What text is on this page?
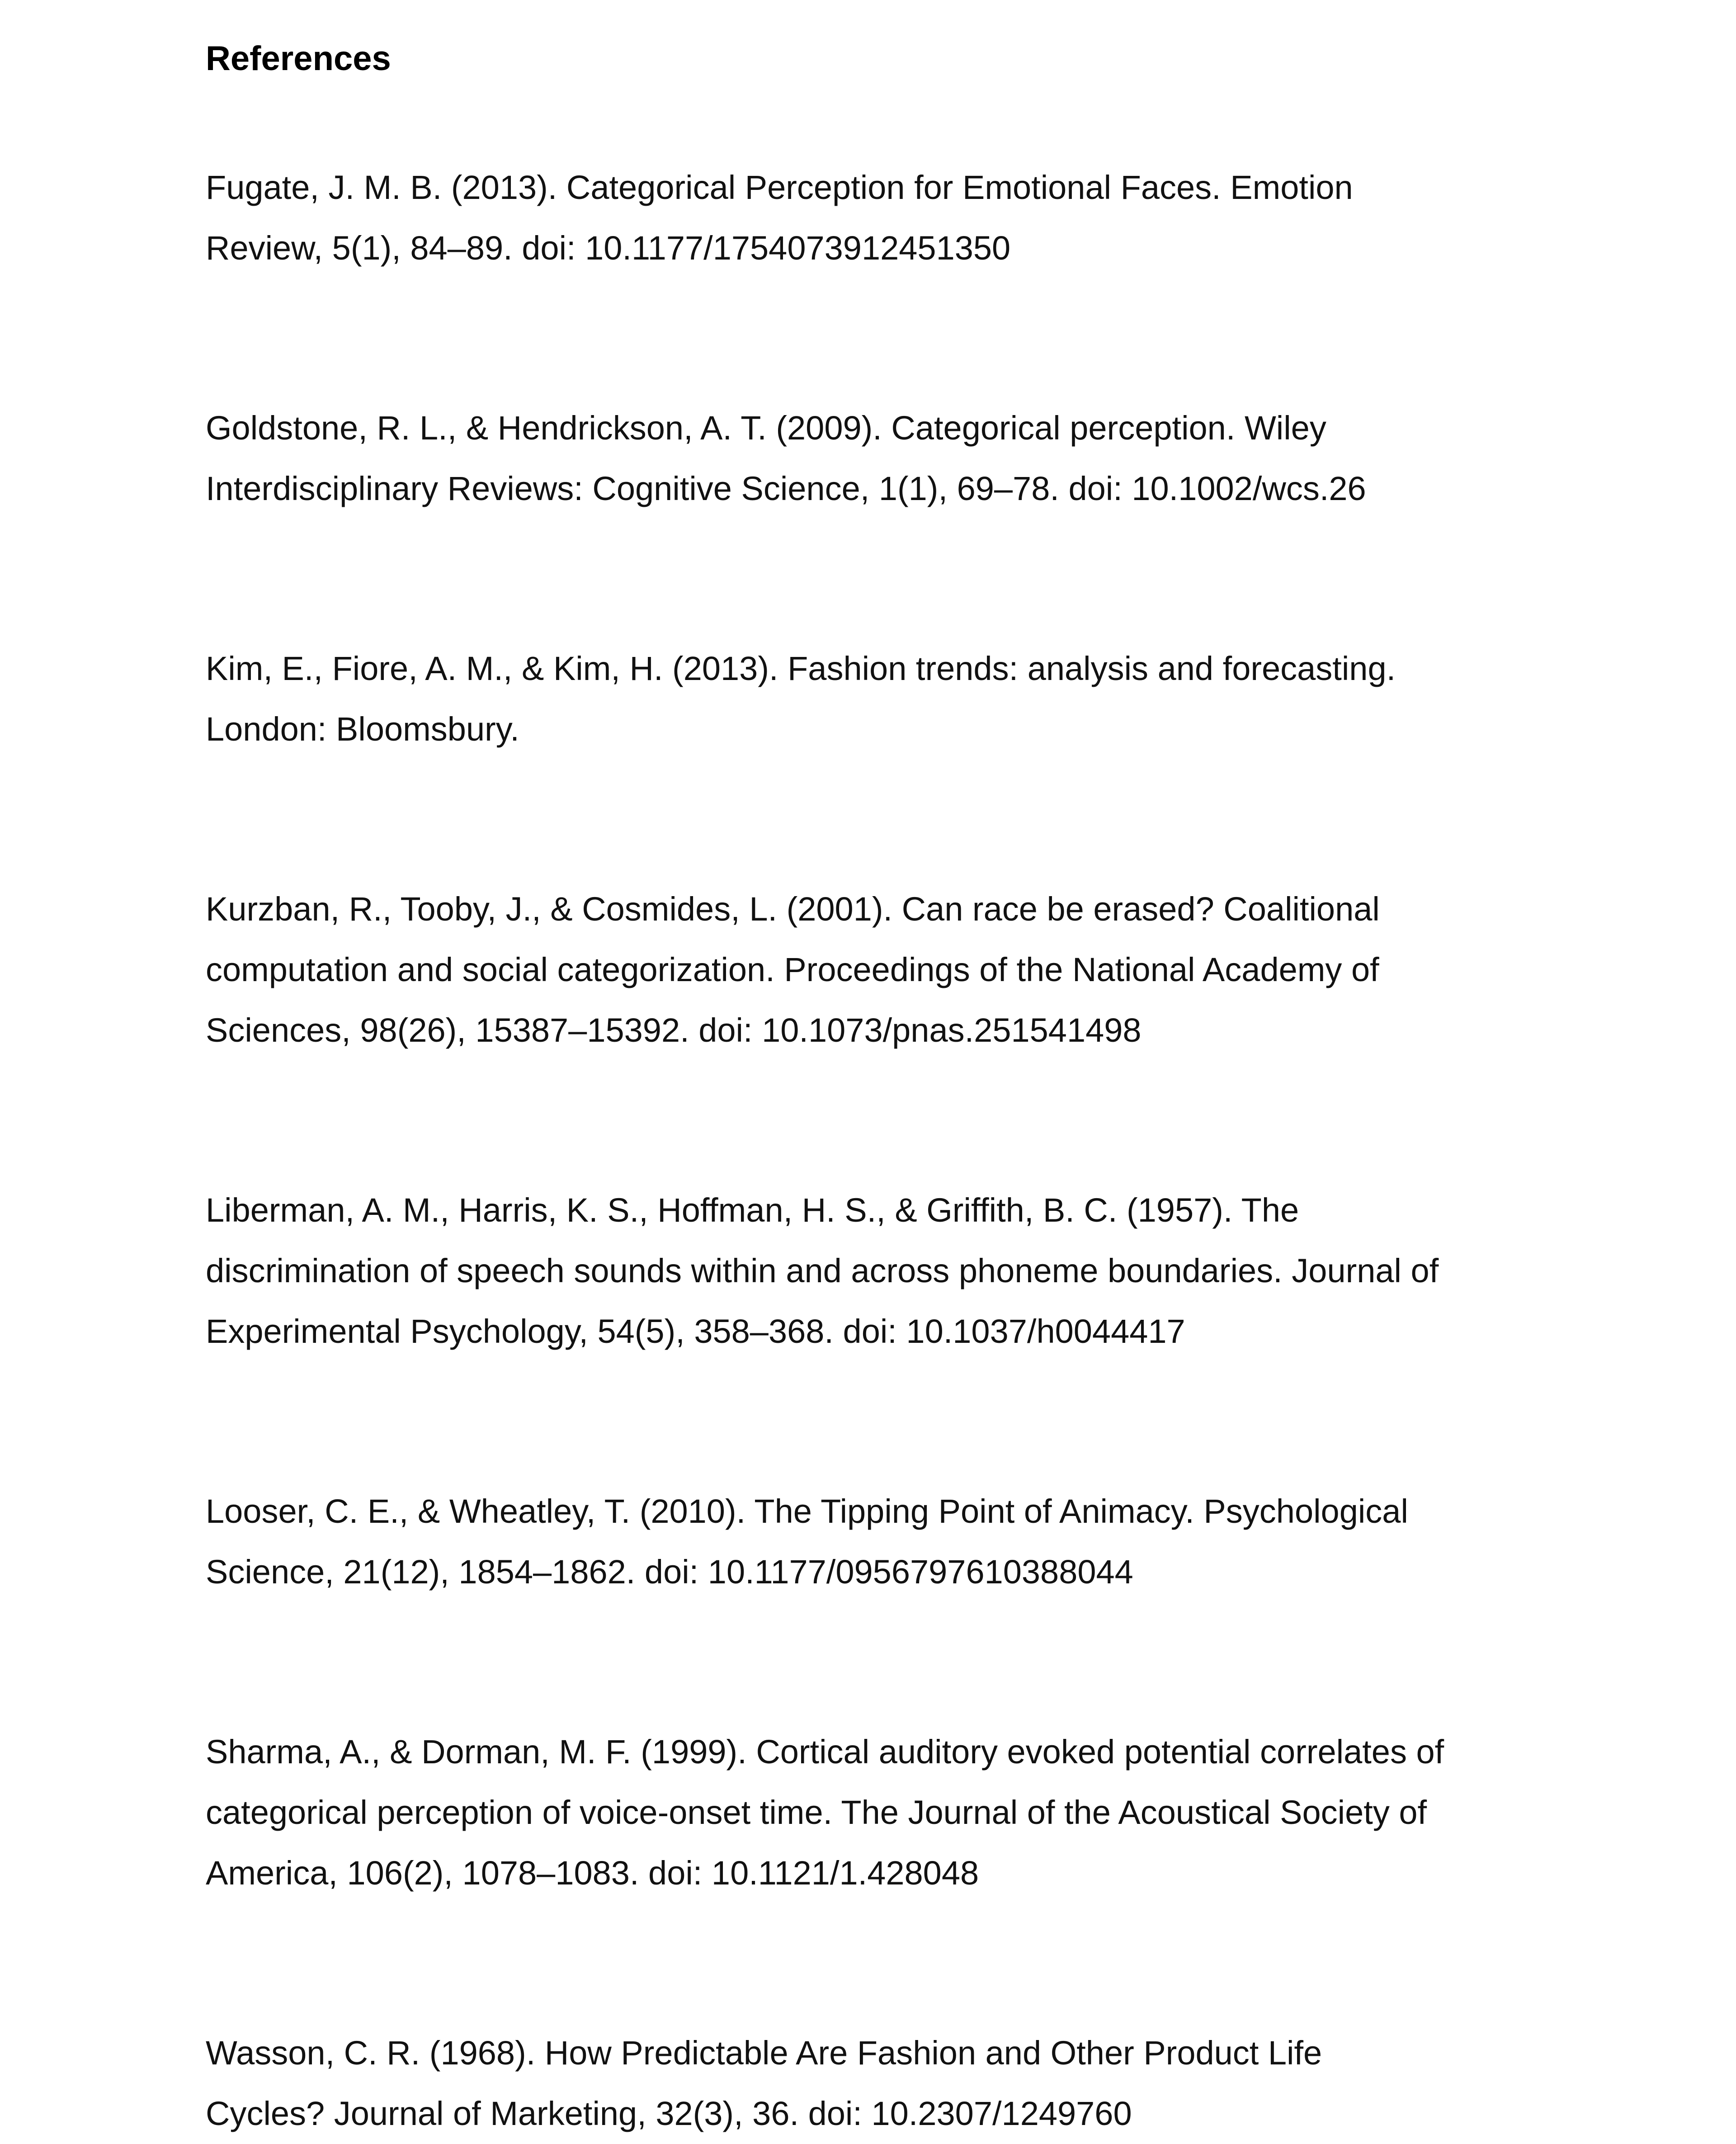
References
Fugate, J. M. B. (2013). Categorical Perception for Emotional Faces. Emotion
Review, 5(1), 84–89. doi: 10.1177/1754073912451350
Goldstone, R. L., & Hendrickson, A. T. (2009). Categorical perception. Wiley
Interdisciplinary Reviews: Cognitive Science, 1(1), 69–78. doi: 10.1002/wcs.26
Kim, E., Fiore, A. M., & Kim, H. (2013). Fashion trends: analysis and forecasting.
London: Bloomsbury.
Kurzban, R., Tooby, J., & Cosmides, L. (2001). Can race be erased? Coalitional
computation and social categorization. Proceedings of the National Academy of
Sciences, 98(26), 15387–15392. doi: 10.1073/pnas.251541498
Liberman, A. M., Harris, K. S., Hoffman, H. S., & Griffith, B. C. (1957). The
discrimination of speech sounds within and across phoneme boundaries. Journal of
Experimental Psychology, 54(5), 358–368. doi: 10.1037/h0044417
Looser, C. E., & Wheatley, T. (2010). The Tipping Point of Animacy. Psychological
Science, 21(12), 1854–1862. doi: 10.1177/0956797610388044
Sharma, A., & Dorman, M. F. (1999). Cortical auditory evoked potential correlates of
categorical perception of voice-onset time. The Journal of the Acoustical Society of
America, 106(2), 1078–1083. doi: 10.1121/1.428048
Wasson, C. R. (1968). How Predictable Are Fashion and Other Product Life
Cycles? Journal of Marketing, 32(3), 36. doi: 10.2307/1249760
